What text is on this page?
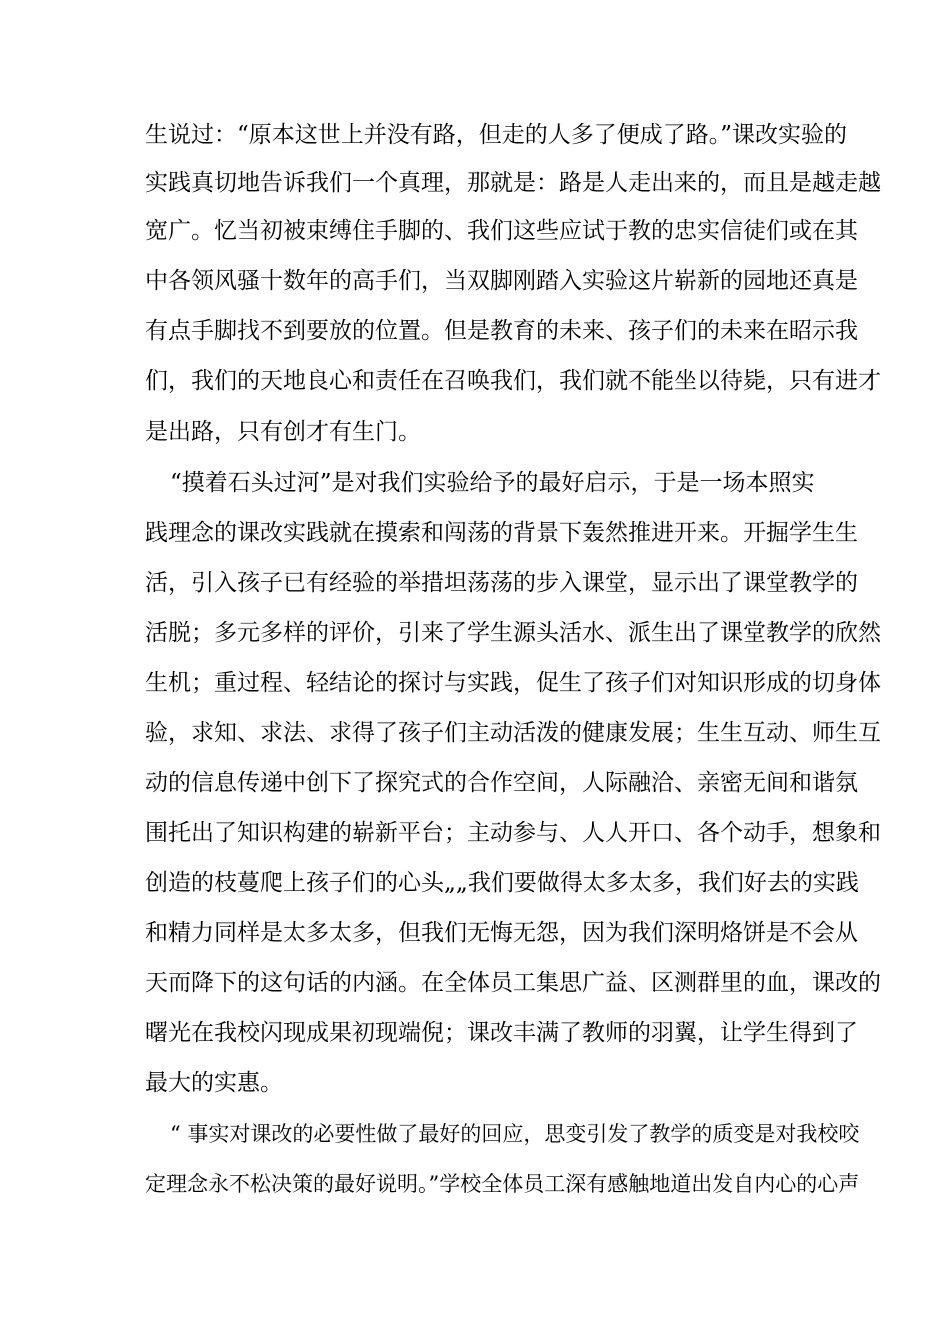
生说过：“原本这世上并没有路，但走的人多了便成了路。”课改实验的

实践真切地告诉我们一个真理，那就是：路是人走出来的，而且是越走越

宽广。忆当初被束缚住手脚的、我们这些应试于教的忠实信徒们或在其

中各领风骚十数年的高手们，当双脚刚踏入实验这片崭新的园地还真是

有点手脚找不到要放的位置。但是教育的未来、孩子们的未来在昭示我

们，我们的天地良心和责任在召唤我们，我们就不能坐以待毙，只有进才

是出路，只有创才有生门。

“摸着石头过河”是对我们实验给予的最好启示，于是一场本照实

践理念的课改实践就在摸索和闯荡的背景下轰然推进开来。开掘学生生

活，引入孩子已有经验的举措坦荡荡的步入课堂，显示出了课堂教学的

活脱；多元多样的评价，引来了学生源头活水、派生出了课堂教学的欣然

生机；重过程、轻结论的探讨与实践，促生了孩子们对知识形成的切身体

验，求知、求法、求得了孩子们主动活泼的健康发展；生生互动、师生互

动的信息传递中创下了探究式的合作空间，人际融洽、亲密无间和谐氛

围托出了知识构建的崭新平台；主动参与、人人开口、各个动手，想象和

创造的枝蔓爬上孩子们的心头„„我们要做得太多太多，我们好去的实践

和精力同样是太多太多，但我们无悔无怨，因为我们深明烙饼是不会从

天而降下的这句话的内涵。在全体员工集思广益、区测群里的血，课改的

曙光在我校闪现成果初现端倪；课改丰满了教师的羽翼，让学生得到了

最大的实惠。

“ 事实对课改的必要性做了最好的回应，思变引发了教学的质变是对我校咬

定理念永不松决策的最好说明。”学校全体员工深有感触地道出发自内心的心声
